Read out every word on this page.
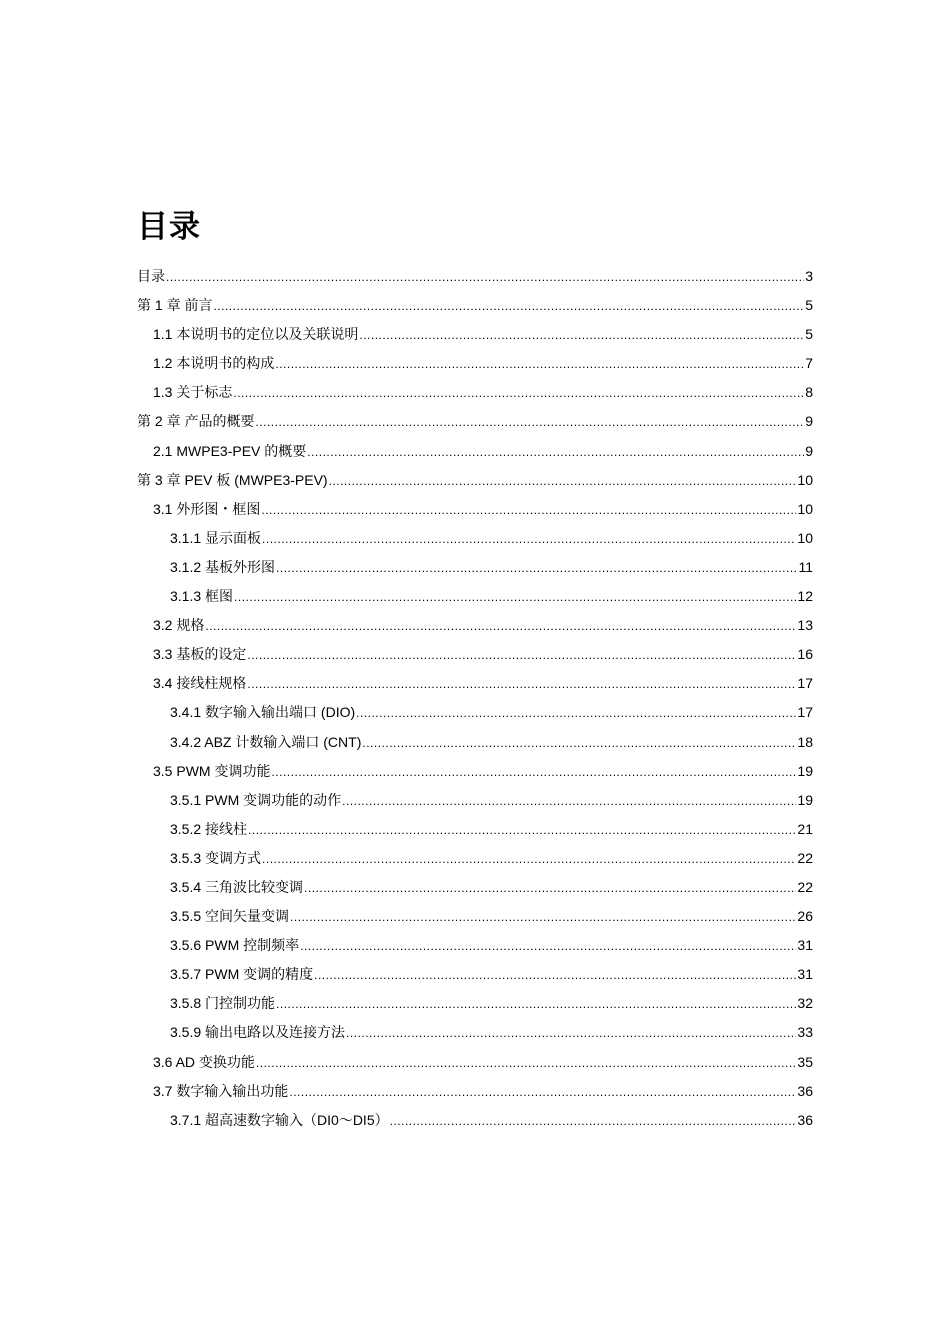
目录
目录 .....	3
第 1 章 前言 .....	5
1.1 本说明书的定位以及关联说明 .....	5
1.2 本说明书的构成 .....	7
1.3 关于标志 .....	8
第 2 章 产品的概要 .....	9
2.1 MWPE3-PEV 的概要 .....	9
第 3 章 PEV 板 (MWPE3-PEV) .....	10
3.1 外形图・框图 .....	10
3.1.1 显示面板 .....	10
3.1.2 基板外形图 .....	11
3.1.3 框图 .....	12
3.2 规格 .....	13
3.3 基板的设定 .....	16
3.4 接线柱规格 .....	17
3.4.1 数字输入输出端口 (DIO) .....	17
3.4.2 ABZ 计数输入端口 (CNT) .....	18
3.5 PWM 变调功能 .....	19
3.5.1 PWM 变调功能的动作 .....	19
3.5.2 接线柱 .....	21
3.5.3 变调方式 .....	22
3.5.4 三角波比较变调 .....	22
3.5.5 空间矢量变调 .....	26
3.5.6 PWM 控制频率 .....	31
3.5.7 PWM 变调的精度 .....	31
3.5.8 门控制功能 .....	32
3.5.9 输出电路以及连接方法 .....	33
3.6 AD 变换功能 .....	35
3.7 数字输入输出功能 .....	36
3.7.1 超高速数字输入（DI0～DI5） .....	36
